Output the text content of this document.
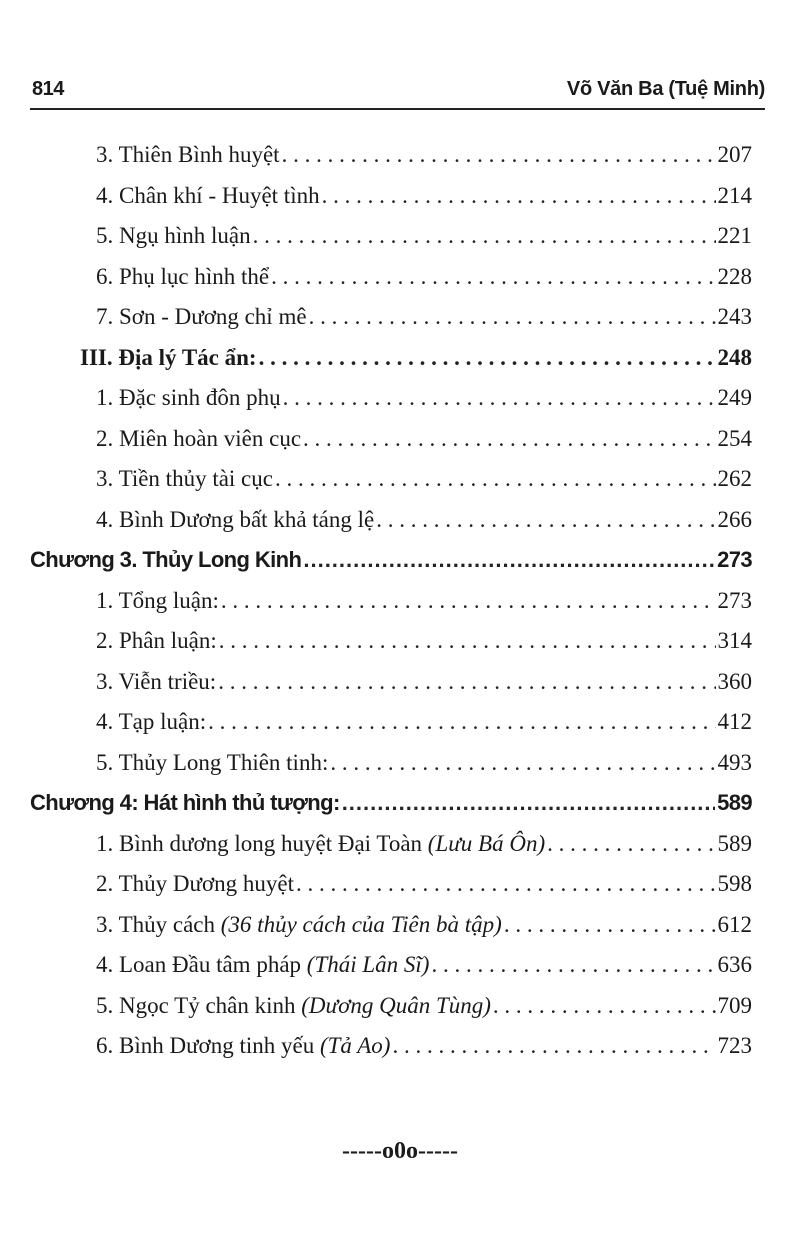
814	Võ Văn Ba (Tuệ Minh)
3. Thiên Bình huyệt . . .	207
4. Chân khí - Huyệt tình . . .	214
5. Ngụ hình luận . . .	221
6. Phụ lục hình thể . . .	228
7. Sơn - Dương chỉ mê . . .	243
III. Địa lý Tác ẩn: . . .	248
1. Đặc sinh đôn phụ . . .	249
2. Miên hoàn viên cục . . .	254
3. Tiền thủy tài cục . . .	262
4. Bình Dương bất khả táng lệ . . .	266
Chương 3. Thủy Long Kinh .....	273
1. Tổng luận: . . .	273
2. Phân luận: . . .	314
3. Viễn triều: . . .	360
4. Tạp luận: . . .	412
5. Thủy Long Thiên tinh: . . .	493
Chương 4: Hát hình thủ tượng: .....	589
1. Bình dương long huyệt Đại Toàn (Lưu Bá Ôn) . . .	589
2. Thủy Dương huyệt . . .	598
3. Thủy cách (36 thủy cách của Tiên bà tập) . . .	612
4. Loan Đầu tâm pháp (Thái Lân Sĩ) . . .	636
5. Ngọc Tỷ chân kinh (Dương Quân Tùng) . . .	709
6. Bình Dương tinh yếu (Tả Ao) . . .	723
-----o0o-----
